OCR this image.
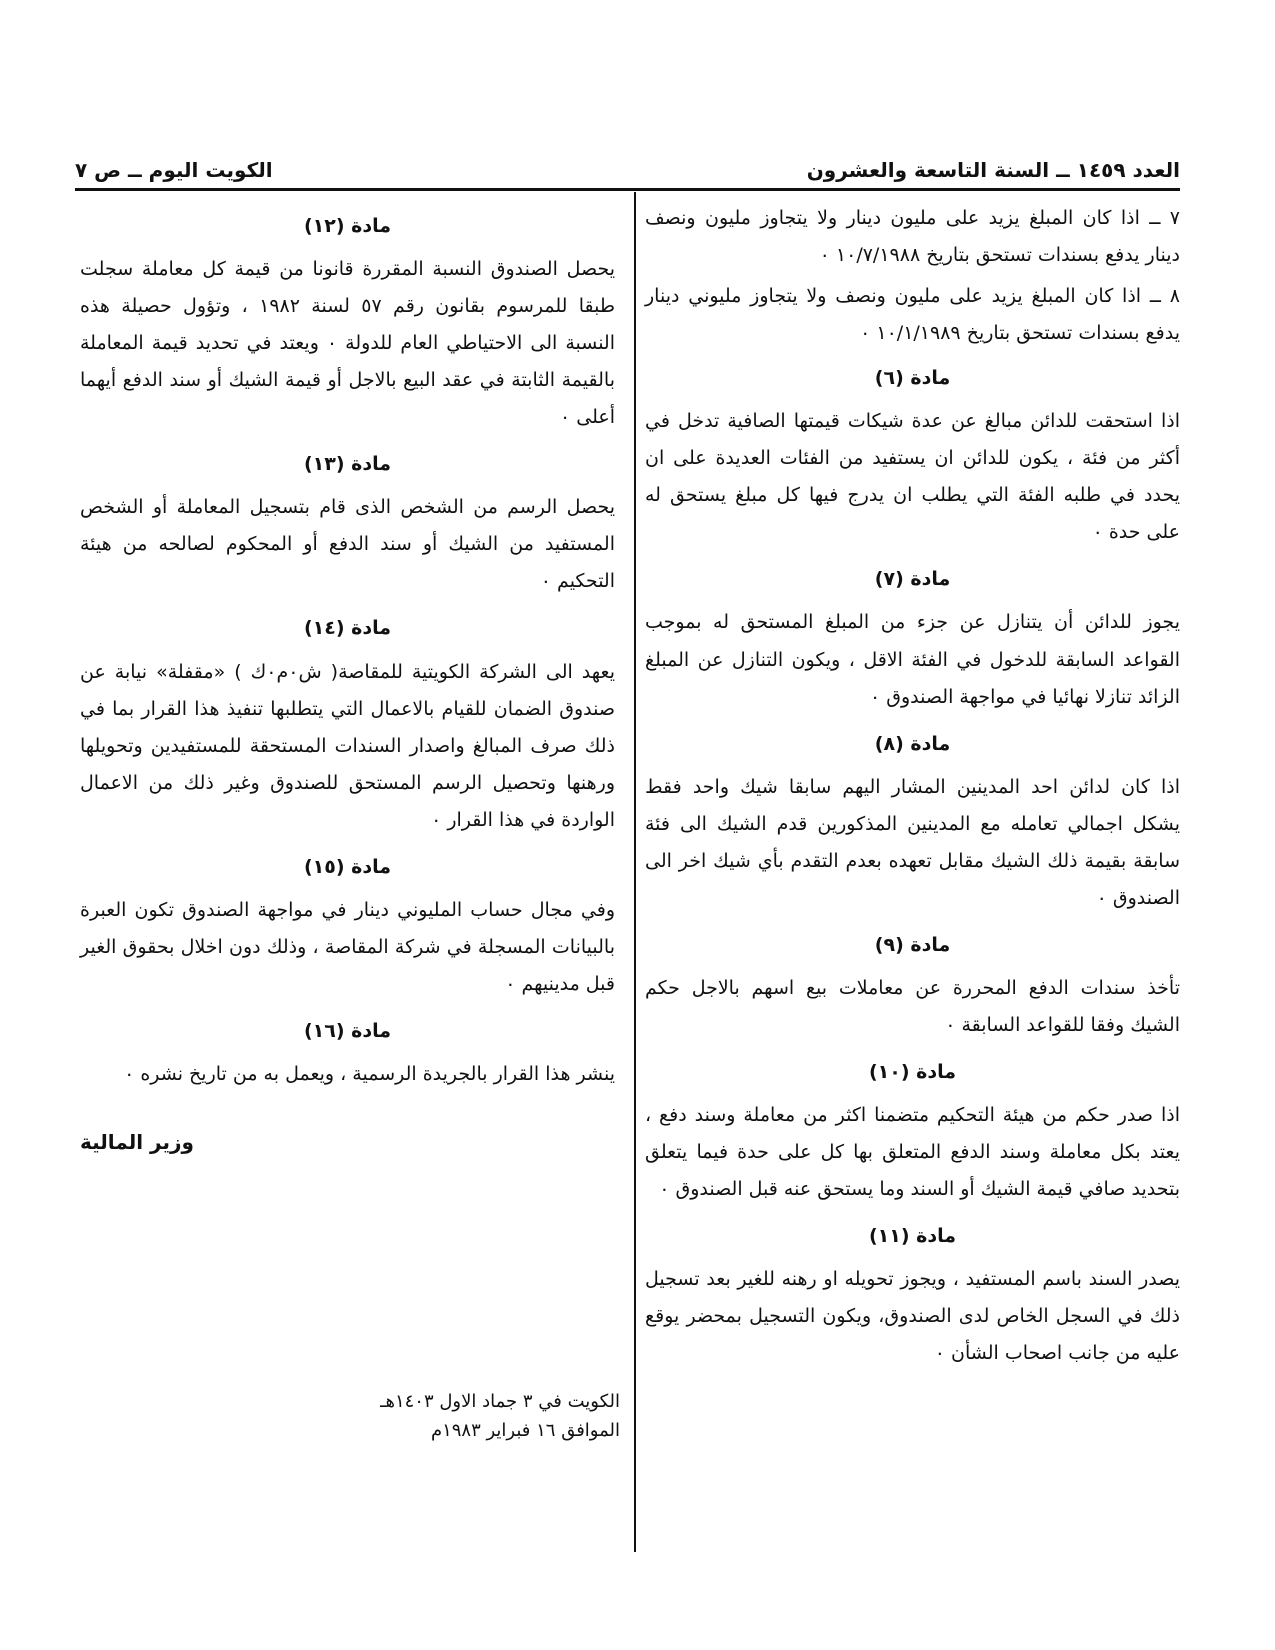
العدد ١٤٥٩ ــ السنة التاسعة والعشرون
الكويت اليوم ــ ص ٧

٧ ــ اذا كان المبلغ يزيد على مليون دينار ولا يتجاوز مليون ونصف دينار يدفع بسندات تستحق بتاريخ ١٠/٧/١٩٨٨ ٠

٨ ــ اذا كان المبلغ يزيد على مليون ونصف ولا يتجاوز مليوني دينار يدفع بسندات تستحق بتاريخ ١٠/١/١٩٨٩ ٠

مادة (٦)

اذا استحقت للدائن مبالغ عن عدة شيكات قيمتها الصافية تدخل في أكثر من فئة ، يكون للدائن ان يستفيد من الفئات العديدة على ان يحدد في طلبه الفئة التي يطلب ان يدرج فيها كل مبلغ يستحق له على حدة ٠

مادة (٧)

يجوز للدائن أن يتنازل عن جزء من المبلغ المستحق له بموجب القواعد السابقة للدخول في الفئة الاقل ، ويكون التنازل عن المبلغ الزائد تنازلا نهائيا في مواجهة الصندوق ٠

مادة (٨)

اذا كان لدائن احد المدينين المشار اليهم سابقا شيك واحد فقط يشكل اجمالي تعامله مع المدينين المذكورين قدم الشيك الى فئة سابقة بقيمة ذلك الشيك مقابل تعهده بعدم التقدم بأي شيك اخر الى الصندوق ٠

مادة (٩)

تأخذ سندات الدفع المحررة عن معاملات بيع اسهم بالاجل حكم الشيك وفقا للقواعد السابقة ٠

مادة (١٠)

اذا صدر حكم من هيئة التحكيم متضمنا اكثر من معاملة وسند دفع ، يعتد بكل معاملة وسند الدفع المتعلق بها كل على حدة فيما يتعلق بتحديد صافي قيمة الشيك أو السند وما يستحق عنه قبل الصندوق ٠

مادة (١١)

يصدر السند باسم المستفيد ، ويجوز تحويله او رهنه للغير بعد تسجيل ذلك في السجل الخاص لدى الصندوق، ويكون التسجيل بمحضر يوقع عليه من جانب اصحاب الشأن ٠

مادة (١٢)

يحصل الصندوق النسبة المقررة قانونا من قيمة كل معاملة سجلت طبقا للمرسوم بقانون رقم ٥٧ لسنة ١٩٨٢ ، وتؤول حصيلة هذه النسبة الى الاحتياطي العام للدولة ٠ ويعتد في تحديد قيمة المعاملة بالقيمة الثابتة في عقد البيع بالاجل أو قيمة الشيك أو سند الدفع أيهما أعلى ٠

مادة (١٣)

يحصل الرسم من الشخص الذى قام بتسجيل المعاملة أو الشخص المستفيد من الشيك أو سند الدفع أو المحكوم لصالحه من هيئة التحكيم ٠

مادة (١٤)

يعهد الى الشركة الكويتية للمقاصة( ش٠م٠ك ) «مقفلة» نيابة عن صندوق الضمان للقيام بالاعمال التي يتطلبها تنفيذ هذا القرار بما في ذلك صرف المبالغ واصدار السندات المستحقة للمستفيدين وتحويلها ورهنها وتحصيل الرسم المستحق للصندوق وغير ذلك من الاعمال الواردة في هذا القرار ٠

مادة (١٥)

وفي مجال حساب المليوني دينار في مواجهة الصندوق تكون العبرة بالبيانات المسجلة في شركة المقاصة ، وذلك دون اخلال بحقوق الغير قبل مدينيهم ٠

مادة (١٦)

ينشر هذا القرار بالجريدة الرسمية ، ويعمل به من تاريخ نشره ٠

وزير المالية

الكويت في ٣ جماد الاول ١٤٠٣هـ

الموافق ١٦ فبراير ١٩٨٣م
